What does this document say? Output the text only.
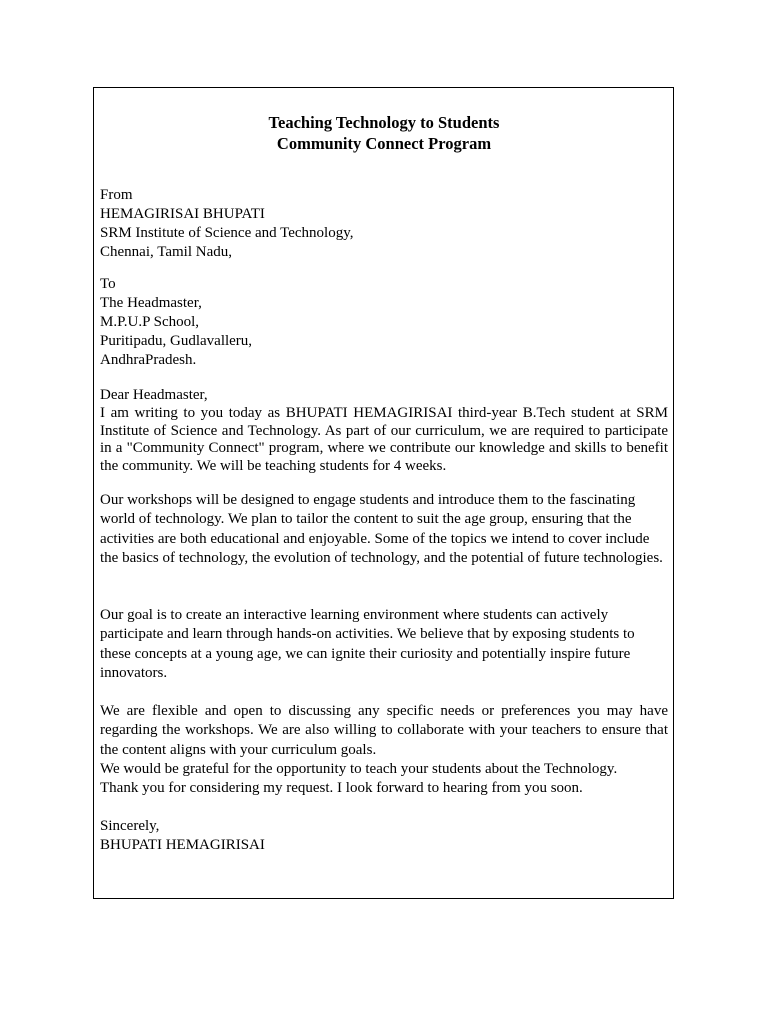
Teaching Technology to Students
Community Connect Program
From
HEMAGIRISAI BHUPATI
SRM Institute of Science and Technology,
Chennai, Tamil Nadu,
To
The Headmaster,
M.P.U.P School,
Puritipadu, Gudlavalleru,
AndhraPradesh.
Dear Headmaster,

I am writing to you today as BHUPATI HEMAGIRISAI third-year B.Tech student at SRM Institute of Science and Technology. As part of our curriculum, we are required to participate in a "Community Connect" program, where we contribute our knowledge and skills to benefit the community. We will be teaching students for 4 weeks.

Our workshops will be designed to engage students and introduce them to the fascinating world of technology. We plan to tailor the content to suit the age group, ensuring that the activities are both educational and enjoyable. Some of the topics we intend to cover include the basics of technology, the evolution of technology, and the potential of future technologies.

Our goal is to create an interactive learning environment where students can actively participate and learn through hands-on activities. We believe that by exposing students to these concepts at a young age, we can ignite their curiosity and potentially inspire future innovators.

We are flexible and open to discussing any specific needs or preferences you may have regarding the workshops. We are also willing to collaborate with your teachers to ensure that the content aligns with your curriculum goals.

We would be grateful for the opportunity to teach your students about the Technology.

Thank you for considering my request. I look forward to hearing from you soon.

Sincerely,
BHUPATI HEMAGIRISAI
